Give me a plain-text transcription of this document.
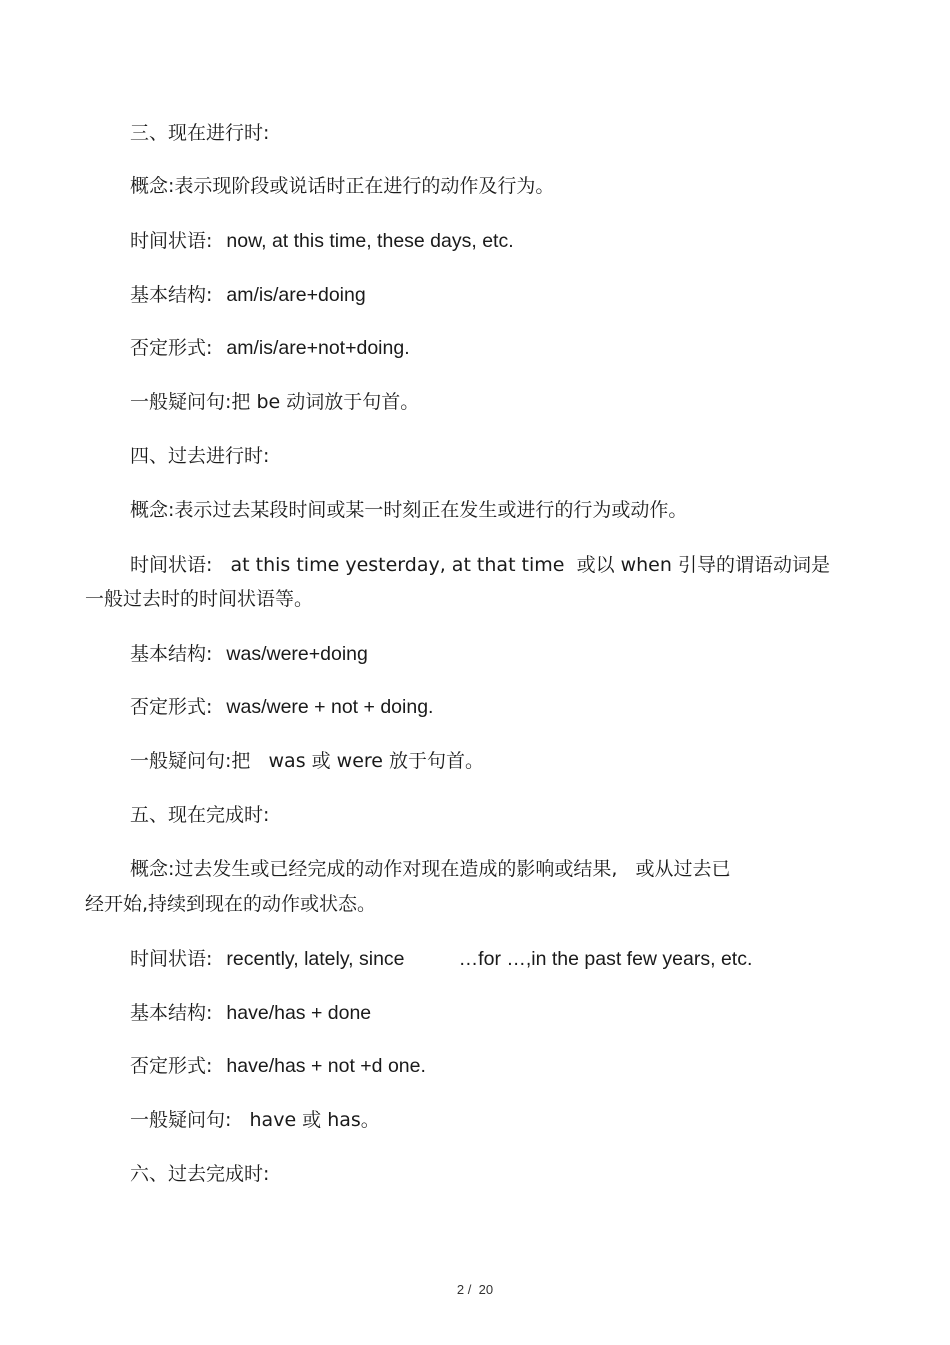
三、现在进行时:
概念:表示现阶段或说话时正在进行的动作及行为。
时间状语: now, at this time, these days, etc.
基本结构: am/is/are+doing
否定形式: am/is/are+not+doing.
一般疑问句:把 be 动词放于句首。
四、过去进行时:
概念:表示过去某段时间或某一时刻正在发生或进行的行为或动作。
时间状语:   at this time yesterday, at that time  或以 when 引导的谓语动词是
一般过去时的时间状语等。
基本结构: was/were+doing
否定形式: was/were + not + doing.
一般疑问句:把   was 或 were 放于句首。
五、现在完成时:
概念:过去发生或已经完成的动作对现在造成的影响或结果,   或从过去已
经开始,持续到现在的动作或状态。
时间状语: recently, lately, since          …for …,in the past few years, etc.
基本结构: have/has + done
否定形式: have/has + not +d one.
一般疑问句:   have 或 has。
六、过去完成时:
2 /  20
